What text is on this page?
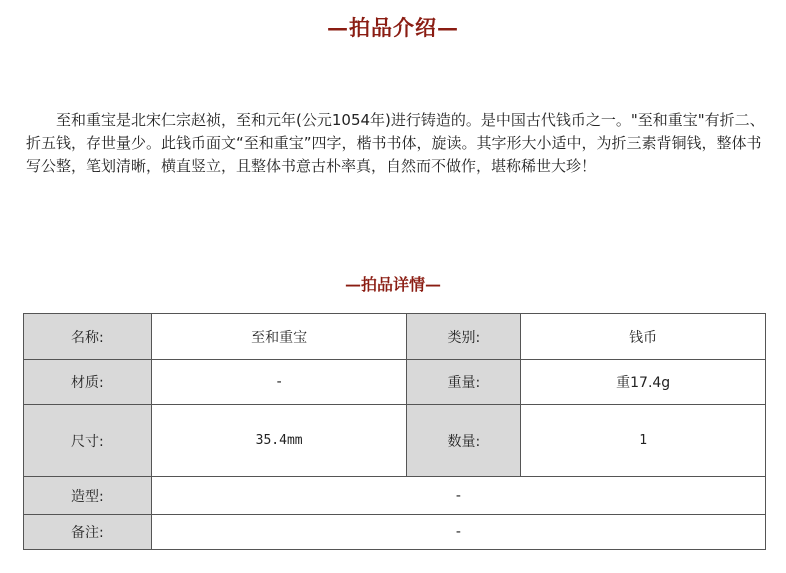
—拍品介绍—

至和重宝是北宋仁宗赵祯，至和元年(公元1054年)进行铸造的。是中国古代钱币之一。"至和重宝"有折二、折五钱，存世量少。此钱币面文“至和重宝”四字，楷书书体，旋读。其字形大小适中，为折三素背铜钱，整体书写公整，笔划清晰，横直竖立，且整体书意古朴率真，自然而不做作，堪称稀世大珍！

—拍品详情—
名称:	至和重宝	类别:	钱币
材质:	-	重量:	重17.4g
尺寸:	35.4mm	数量:	1
造型:	-		
备注:	-		
